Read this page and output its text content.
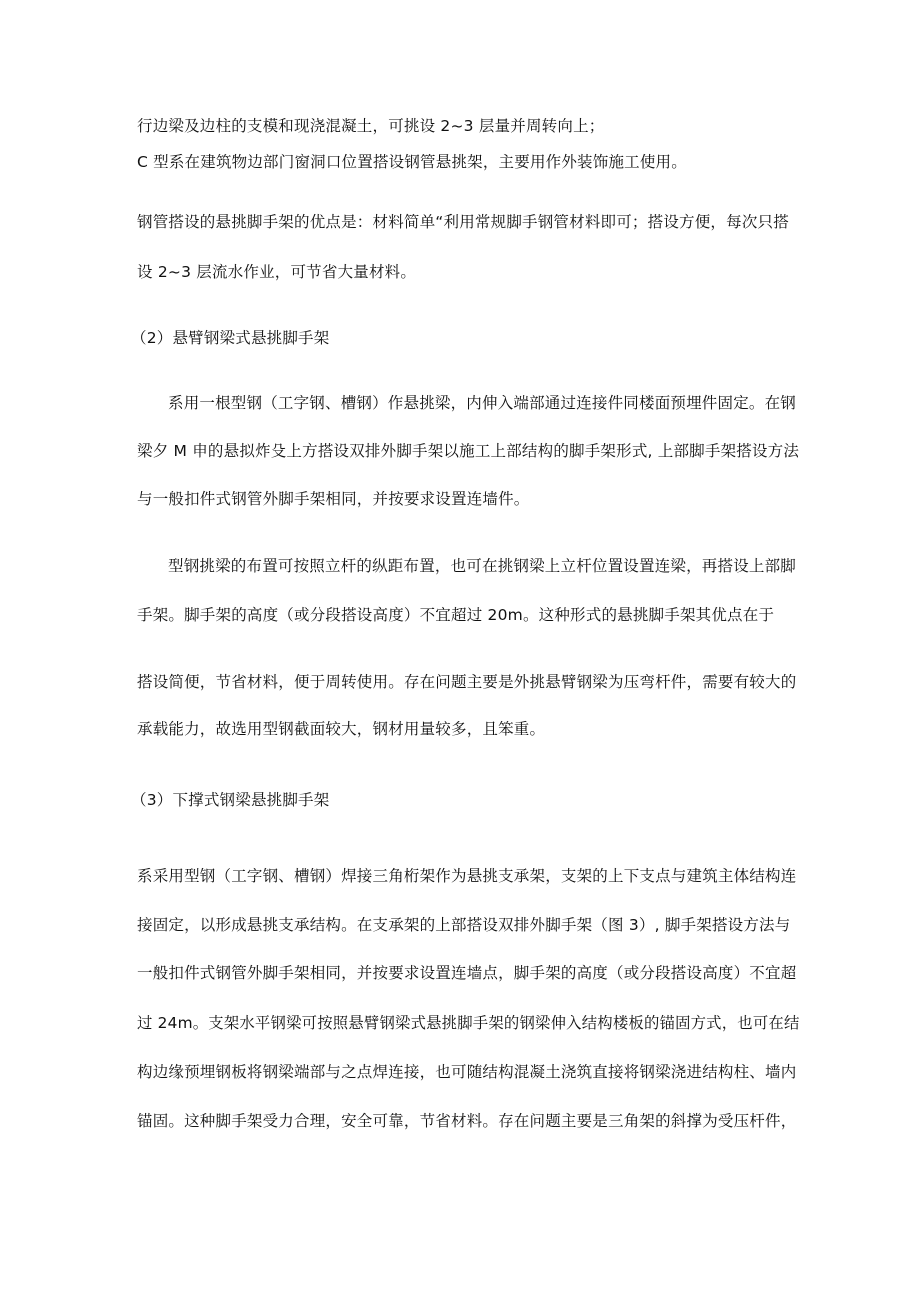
行边梁及边柱的支模和现浇混凝土，可挑设 2~3 层量并周转向上；

C 型系在建筑物边部门窗洞口位置搭设钢管悬挑架，主要用作外装饰施工使用。

钢管搭设的悬挑脚手架的优点是：材料简单“利用常规脚手钢管材料即可；搭设方便，每次只搭

设 2~3 层流水作业，可节省大量材料。

（2）悬臂钢梁式悬挑脚手架

系用一根型钢（工字钢、槽钢）作悬挑梁，内伸入端部通过连接件同楼面预埋件固定。在钢

梁夕 M 申的悬拟炸殳上方搭设双排外脚手架以施工上部结构的脚手架形式, 上部脚手架搭设方法

与一般扣件式钢管外脚手架相同，并按要求设置连墙件。

型钢挑梁的布置可按照立杆的纵距布置，也可在挑钢梁上立杆位置设置连梁，再搭设上部脚

手架。脚手架的高度（或分段搭设高度）不宜超过 20m。这种形式的悬挑脚手架其优点在于

搭设简便，节省材料，便于周转使用。存在问题主要是外挑悬臂钢梁为压弯杆件，需要有较大的

承载能力，故选用型钢截面较大，钢材用量较多，且笨重。

（3）下撑式钢梁悬挑脚手架

系采用型钢（工字钢、槽钢）焊接三角桁架作为悬挑支承架，支架的上下支点与建筑主体结构连

接固定，以形成悬挑支承结构。在支承架的上部搭设双排外脚手架（图 3）, 脚手架搭设方法与

一般扣件式钢管外脚手架相同，并按要求设置连墙点，脚手架的高度（或分段搭设高度）不宜超

过 24m。支架水平钢梁可按照悬臂钢梁式悬挑脚手架的钢梁伸入结构楼板的锚固方式，也可在结

构边缘预埋钢板将钢梁端部与之点焊连接，也可随结构混凝土浇筑直接将钢梁浇进结构柱、墙内

锚固。这种脚手架受力合理，安全可靠，节省材料。存在问题主要是三角架的斜撑为受压杆件，
